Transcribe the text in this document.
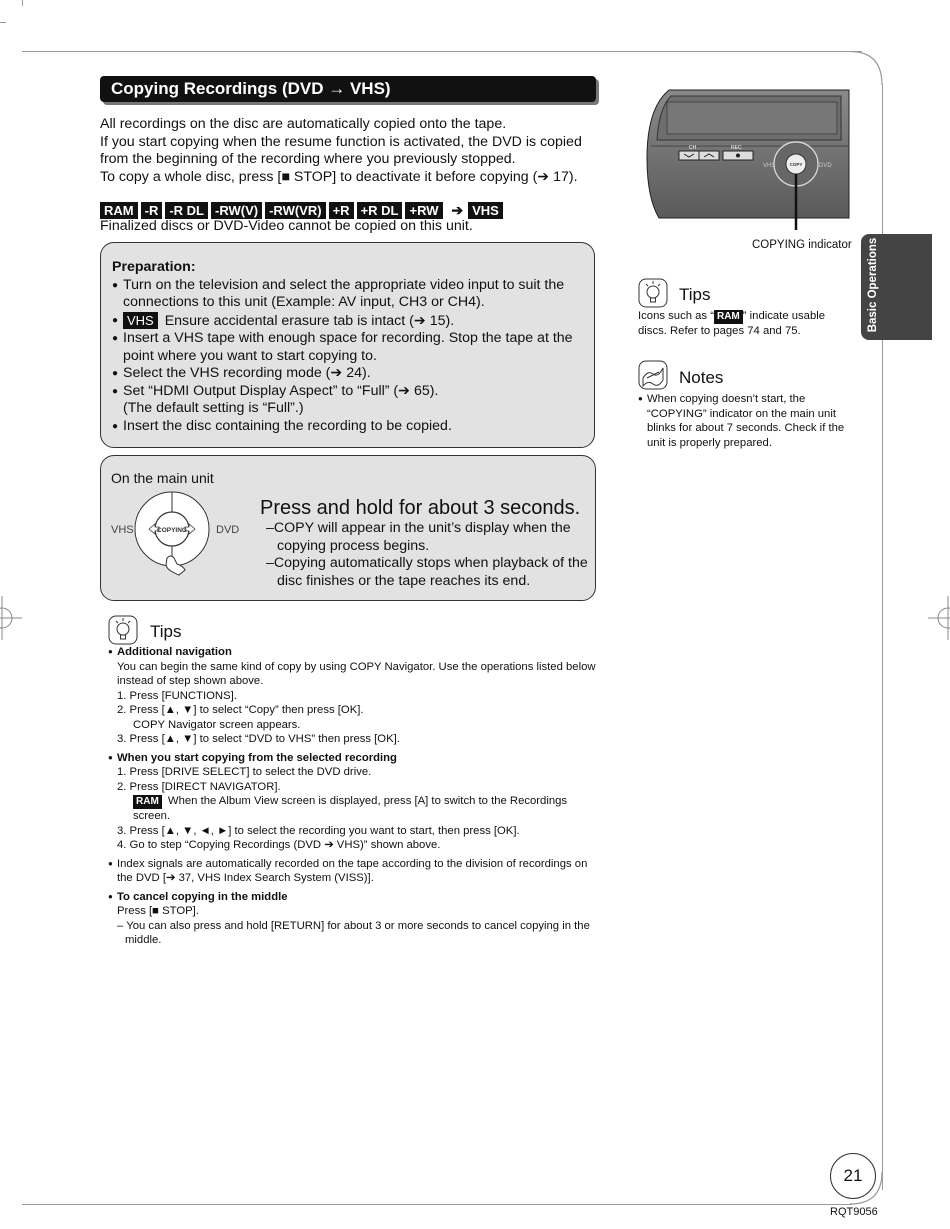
Copying Recordings (DVD → VHS)

All recordings on the disc are automatically copied onto the tape.

If you start copying when the resume function is activated, the DVD is copied

from the beginning of the recording where you previously stopped.

To copy a whole disc, press [■ STOP] to deactivate it before copying (➔ 17).

RAM -R -R DL -RW(V) -RW(VR) +R +R DL +RW ➔ VHS
Finalized discs or DVD-Video cannot be copied on this unit.
Preparation:
● Turn on the television and select the appropriate video input to suit the connections to this unit (Example: AV input, CH3 or CH4).
● VHS Ensure accidental erasure tab is intact (➔ 15).
● Insert a VHS tape with enough space for recording. Stop the tape at the point where you want to start copying to.
● Select the VHS recording mode (➔ 24).
● Set “HDMI Output Display Aspect” to “Full” (➔ 65).
(The default setting is “Full”.)
● Insert the disc containing the recording to be copied.
On the main unit
VHS	DVD
COPYING
Press and hold for about 3 seconds.
–COPY will appear in the unit’s display when the copying process begins.
–Copying automatically stops when playback of the disc finishes or the tape reaches its end.
Tips
● Additional navigation
You can begin the same kind of copy by using COPY Navigator. Use the operations listed below instead of step shown above.
1. Press [FUNCTIONS].
2. Press [▲, ▼] to select “Copy” then press [OK].
COPY Navigator screen appears.
3. Press [▲, ▼] to select “DVD to VHS” then press [OK].
● When you start copying from the selected recording
1. Press [DRIVE SELECT] to select the DVD drive.
2. Press [DIRECT NAVIGATOR].
RAM When the Album View screen is displayed, press [A] to switch to the Recordings screen.
3. Press [▲, ▼, ◄, ►] to select the recording you want to start, then press [OK].
4. Go to step “Copying Recordings (DVD ➔ VHS)” shown above.
● Index signals are automatically recorded on the tape according to the division of recordings on the DVD [➔ 37, VHS Index Search System (VISS)].
● To cancel copying in the middle
Press [■ STOP].
– You can also press and hold [RETURN] for about 3 or more seconds to cancel copying in the middle.
CH	REC
VHS	DVD
COPY
COPYING indicator	Basic Operations
Tips
Icons such as “ RAM ” indicate usable discs. Refer to pages 74 and 75.
Notes
● When copying doesn’t start, the “COPYING” indicator on the main unit blinks for about 7 seconds. Check if the unit is properly prepared.
21
RQT9056
